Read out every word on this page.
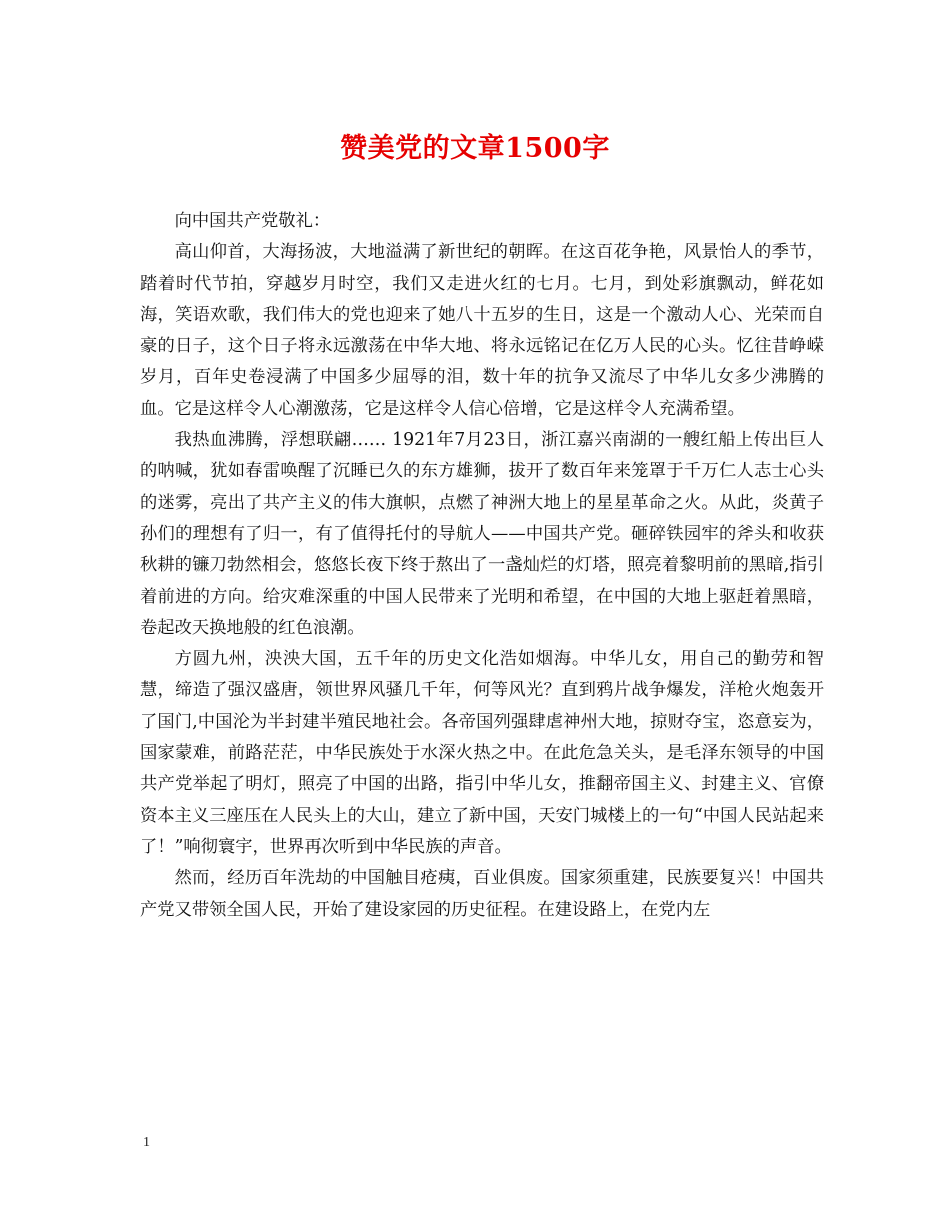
赞美党的文章1500字

向中国共产党敬礼：

高山仰首，大海扬波，大地溢满了新世纪的朝晖。在这百花争艳，风景怡人的季节，踏着时代节拍，穿越岁月时空，我们又走进火红的七月。七月，到处彩旗飘动，鲜花如海，笑语欢歌，我们伟大的党也迎来了她八十五岁的生日，这是一个激动人心、光荣而自豪的日子，这个日子将永远激荡在中华大地、将永远铭记在亿万人民的心头。忆往昔峥嵘岁月，百年史卷浸满了中国多少屈辱的泪，数十年的抗争又流尽了中华儿女多少沸腾的血。它是这样令人心潮激荡，它是这样令人信心倍增，它是这样令人充满希望。

我热血沸腾，浮想联翩…… 1921年7月23日，浙江嘉兴南湖的一艘红船上传出巨人的呐喊，犹如春雷唤醒了沉睡已久的东方雄狮，拔开了数百年来笼罩于千万仁人志士心头的迷雾，亮出了共产主义的伟大旗帜，点燃了神洲大地上的星星革命之火。从此，炎黄子孙们的理想有了归一，有了值得托付的导航人——中国共产党。砸碎铁园牢的斧头和收获秋耕的镰刀勃然相会，悠悠长夜下终于熬出了一盏灿烂的灯塔，照亮着黎明前的黑暗,指引着前进的方向。给灾难深重的中国人民带来了光明和希望，在中国的大地上驱赶着黑暗，卷起改天换地般的红色浪潮。

方圆九州，泱泱大国，五千年的历史文化浩如烟海。中华儿女，用自己的勤劳和智慧，缔造了强汉盛唐，领世界风骚几千年，何等风光？直到鸦片战争爆发，洋枪火炮轰开了国门,中国沦为半封建半殖民地社会。各帝国列强肆虐神州大地，掠财夺宝，恣意妄为，国家蒙难，前路茫茫，中华民族处于水深火热之中。在此危急关头，是毛泽东领导的中国共产党举起了明灯，照亮了中国的出路，指引中华儿女，推翻帝国主义、封建主义、官僚资本主义三座压在人民头上的大山，建立了新中国，天安门城楼上的一句“中国人民站起来了！”响彻寰宇，世界再次听到中华民族的声音。

然而，经历百年洗劫的中国触目疮痍，百业俱废。国家须重建，民族要复兴！中国共产党又带领全国人民，开始了建设家园的历史征程。在建设路上，在党内左

1
